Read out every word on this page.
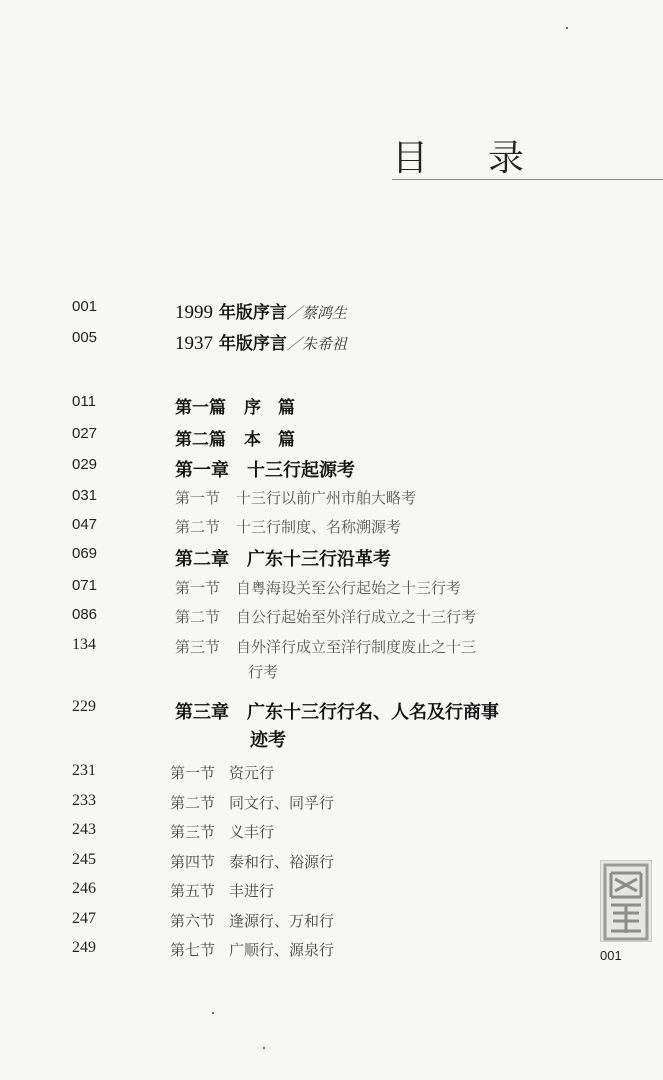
目录
001	1999 年版序言／蔡鸿生
005	1937 年版序言／朱希祖
011	第一篇 序　篇
027	第二篇 本　篇
029	第一章 十三行起源考
031	第一节 十三行以前广州市舶大略考
047	第二节 十三行制度、名称溯源考
069	第二章 广东十三行沿革考
071	第一节 自粤海设关至公行起始之十三行考
086	第二节 自公行起始至外洋行成立之十三行考
134	第三节 自外洋行成立至洋行制度废止之十三
行考
229	第三章 广东十三行行名、人名及行商事
迹考
231	第一节 资元行
233	第二节 同文行、同孚行
243	第三节 义丰行
245	第四节 泰和行、裕源行
246	第五节 丰进行
247	第六节 逢源行、万和行
249	第七节 广顺行、源泉行	001
